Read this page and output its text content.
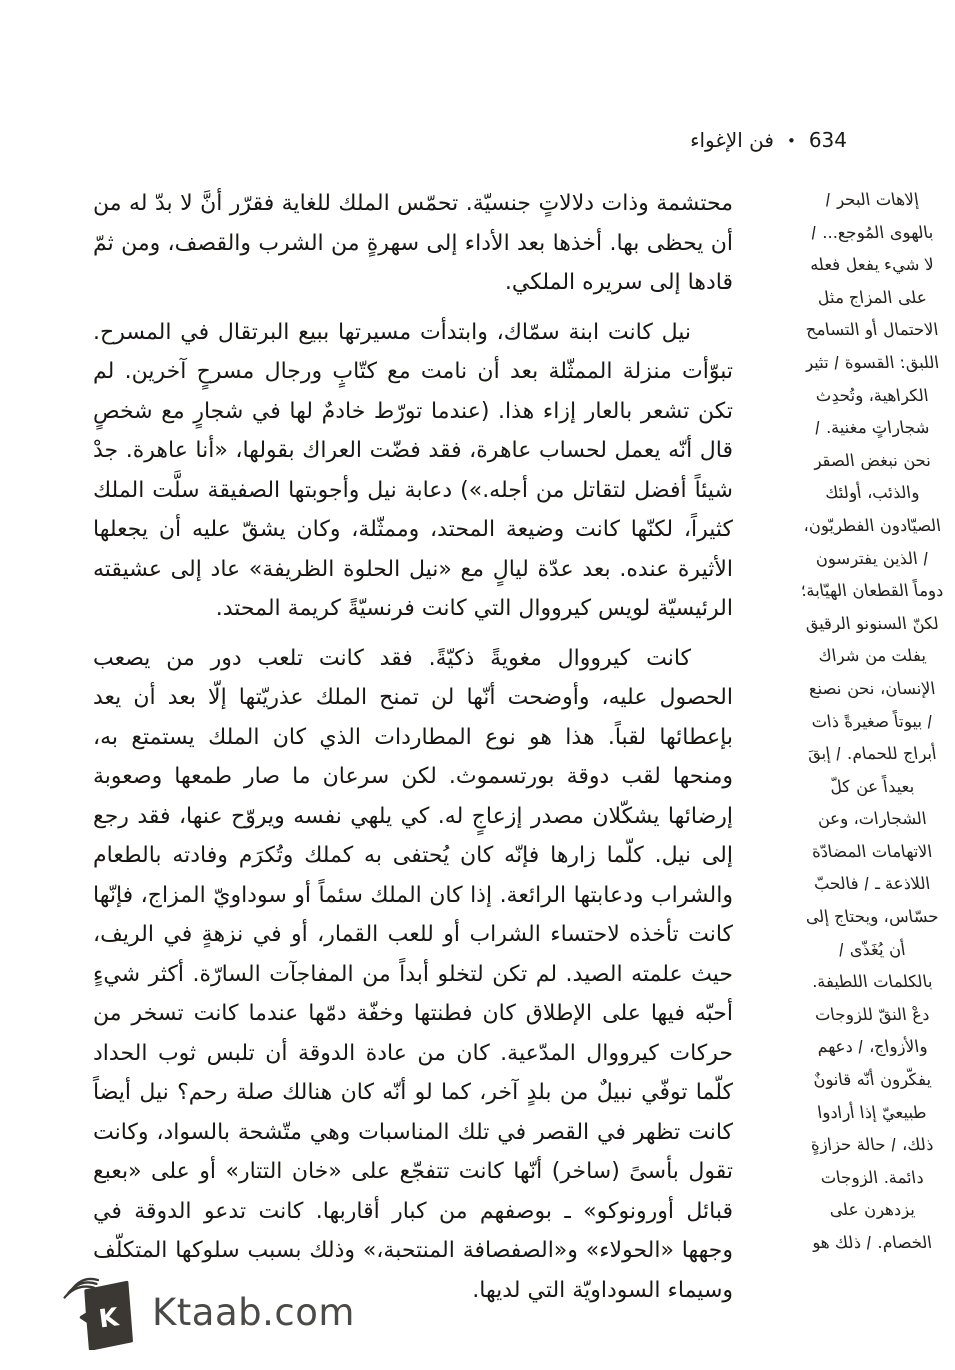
فن الإغواء • 634

محتشمة وذات دلالاتٍ جنسيّة. تحمّس الملك للغاية فقرّر أنَّ لا بدّ له من أن يحظى بها. أخذها بعد الأداء إلى سهرةٍ من الشرب والقصف، ومن ثمّ قادها إلى سريره الملكي.

نيل كانت ابنة سمّاك، وابتدأت مسيرتها ببيع البرتقال في المسرح. تبوّأت منزلة الممثّلة بعد أن نامت مع كتّابٍ ورجال مسرحٍ آخرين. لم تكن تشعر بالعار إزاء هذا. (عندما تورّط خادمٌ لها في شجارٍ مع شخصٍ قال أنّه يعمل لحساب عاهرة، فقد فضّت العراك بقولها، «أنا عاهرة. جدْ شيئاً أفضل لتقاتل من أجله.») دعابة نيل وأجوبتها الصفيقة سلَّت الملك كثيراً، لكنّها كانت وضيعة المحتد، وممثّلة، وكان يشقّ عليه أن يجعلها الأثيرة عنده. بعد عدّة ليالٍ مع «نيل الحلوة الظريفة» عاد إلى عشيقته الرئيسيّة لويس كيرووال التي كانت فرنسيّةً كريمة المحتد.

كانت كيرووال مغويةً ذكيّةً. فقد كانت تلعب دور من يصعب الحصول عليه، وأوضحت أنّها لن تمنح الملك عذريّتها إلّا بعد أن يعد بإعطائها لقباً. هذا هو نوع المطاردات الذي كان الملك يستمتع به، ومنحها لقب دوقة بورتسموث. لكن سرعان ما صار طمعها وصعوبة إرضائها يشكّلان مصدر إزعاجٍ له. كي يلهي نفسه ويروّح عنها، فقد رجع إلى نيل. كلّما زارها فإنّه كان يُحتفى به كملك وتُكرَم وفادته بالطعام والشراب ودعابتها الرائعة. إذا كان الملك سئماً أو سوداويّ المزاج، فإنّها كانت تأخذه لاحتساء الشراب أو للعب القمار، أو في نزهةٍ في الريف، حيث علمته الصيد. لم تكن لتخلو أبداً من المفاجآت السارّة. أكثر شيءٍ أحبّه فيها على الإطلاق كان فطنتها وخفّة دمّها عندما كانت تسخر من حركات كيرووال المدّعية. كان من عادة الدوقة أن تلبس ثوب الحداد كلّما توفّي نبيلٌ من بلدٍ آخر، كما لو أنّه كان هنالك صلة رحم؟ نيل أيضاً كانت تظهر في القصر في تلك المناسبات وهي متّشحة بالسواد، وكانت تقول بأسىً (ساخر) أنّها كانت تتفجّع على «خان التتار» أو على «بعبع قبائل أورونوكو» ـ بوصفهم من كبار أقاربها. كانت تدعو الدوقة في وجهها «الحولاء» و«الصفصافة المنتحبة،» وذلك بسبب سلوكها المتكلّف وسيماء السوداويّة التي لديها.

إلاهات البحر /
بالهوى المُوجع... /
لا شيء يفعل فعله
على المزاج مثل
الاحتمال أو التسامح
اللبق: القسوة / تثير
الكراهية، وتُحدِث
شجاراتٍ مغنية. /
نحن نبغض الصقر
والذئب، أولئك
الصيّادون الفطريّون،
/ الذين يفترسون
دوماً القطعان الهيّابة؛
لكنّ السنونو الرقيق
يفلت من شراك
الإنسان، نحن نصنع
/ بيوتاً صغيرةً ذات
أبراج للحمام. / إبقَ
بعيداً عن كلّ
الشجارات، وعن
الاتهامات المضادّة
اللاذعة ـ / فالحبّ
حسّاس، ويحتاج إلى
أن يُغَذّى /
بالكلمات اللطيفة.
دعْ النقّ للزوجات
والأزواج، / دعهم
يفكّرون أنّه قانونٌ
طبيعيّ إذا أرادوا
ذلك، / حالة حزازةٍ
دائمة. الزوجات
يزدهرن على
الخصام. / ذلك هو
K Ktaab.com
